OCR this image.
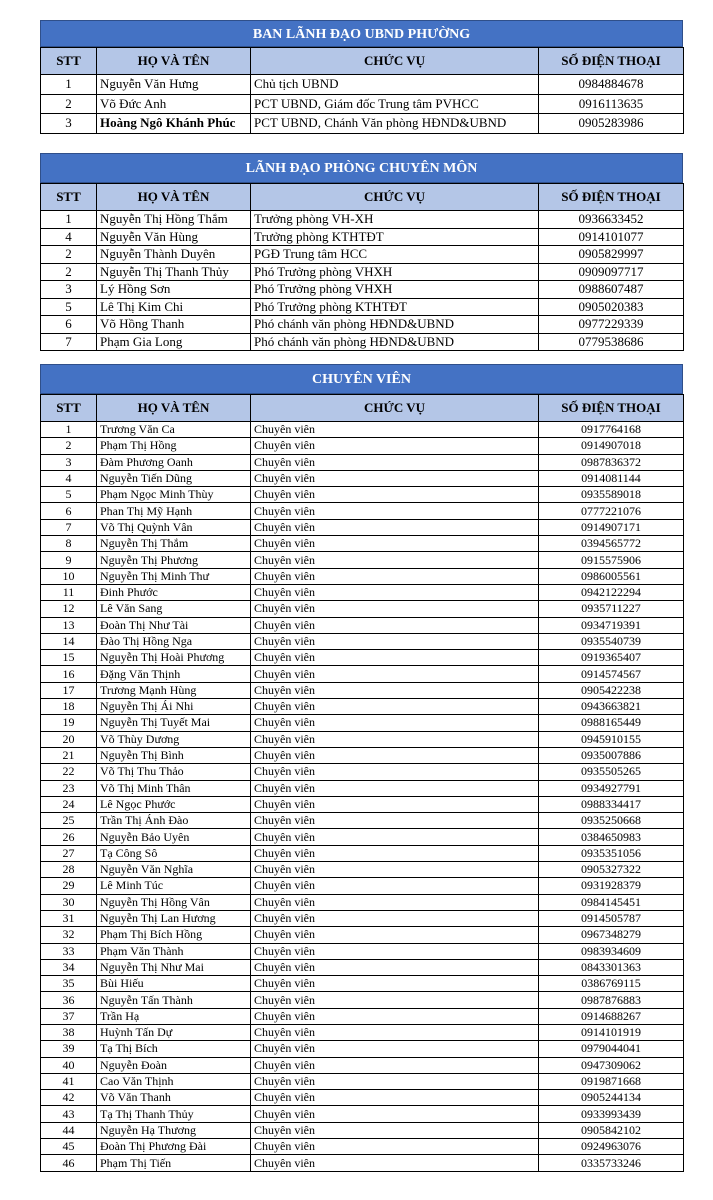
BAN LÃNH ĐẠO UBND PHƯỜNG
STT	HỌ VÀ TÊN	CHỨC VỤ	SỐ ĐIỆN THOẠI
1	Nguyễn Văn Hưng	Chủ tịch UBND	0984884678
2	Võ Đức Anh	PCT UBND, Giám đốc Trung tâm PVHCC	0916113635
3	Hoàng Ngô Khánh Phúc	PCT UBND, Chánh Văn phòng HĐND&UBND	0905283986
LÃNH ĐẠO PHÒNG CHUYÊN MÔN
STT	HỌ VÀ TÊN	CHỨC VỤ	SỐ ĐIỆN THOẠI
1	Nguyễn Thị Hồng Thắm	Trưởng phòng VH-XH	0936633452
4	Nguyễn Văn Hùng	Trưởng phòng KTHTĐT	0914101077
2	Nguyễn Thành Duyên	PGĐ Trung tâm HCC	0905829997
2	Nguyễn Thị Thanh Thủy	Phó Trưởng phòng VHXH	0909097717
3	Lý Hồng Sơn	Phó Trưởng phòng VHXH	0988607487
5	Lê Thị Kim Chi	Phó Trưởng phòng KTHTĐT	0905020383
6	Võ Hồng Thanh	Phó chánh văn phòng HĐND&UBND	0977229339
7	Phạm Gia Long	Phó chánh văn phòng HĐND&UBND	0779538686
CHUYÊN VIÊN
STT	HỌ VÀ TÊN	CHỨC VỤ	SỐ ĐIỆN THOẠI
1	Trương Văn Ca	Chuyên viên	0917764168
2	Phạm Thị Hồng	Chuyên viên	0914907018
3	Đàm Phương Oanh	Chuyên viên	0987836372
4	Nguyễn Tiến Dũng	Chuyên viên	0914081144
5	Phạm Ngọc Minh Thùy	Chuyên viên	0935589018
6	Phan Thị Mỹ Hạnh	Chuyên viên	0777221076
7	Võ Thị Quỳnh Vân	Chuyên viên	0914907171
8	Nguyễn Thị Thắm	Chuyên viên	0394565772
9	Nguyễn Thị Phương	Chuyên viên	0915575906
10	Nguyễn Thị Minh Thư	Chuyên viên	0986005561
11	Đinh Phước	Chuyên viên	0942122294
12	Lê Văn Sang	Chuyên viên	0935711227
13	Đoàn Thị Như Tài	Chuyên viên	0934719391
14	Đào Thị Hồng Nga	Chuyên viên	0935540739
15	Nguyễn Thị Hoài Phương	Chuyên viên	0919365407
16	Đặng Văn Thịnh	Chuyên viên	0914574567
17	Trương Mạnh Hùng	Chuyên viên	0905422238
18	Nguyễn Thị Ái Nhi	Chuyên viên	0943663821
19	Nguyễn Thị Tuyết Mai	Chuyên viên	0988165449
20	Võ Thùy Dương	Chuyên viên	0945910155
21	Nguyễn Thị Bình	Chuyên viên	0935007886
22	Võ Thị Thu Thảo	Chuyên viên	0935505265
23	Võ Thị Minh Thân	Chuyên viên	0934927791
24	Lê Ngọc Phước	Chuyên viên	0988334417
25	Trần Thị Ánh Đào	Chuyên viên	0935250668
26	Nguyễn Bảo Uyên	Chuyên viên	0384650983
27	Tạ Công Sô	Chuyên viên	0935351056
28	Nguyễn Văn Nghĩa	Chuyên viên	0905327322
29	Lê Minh Túc	Chuyên viên	0931928379
30	Nguyễn Thị Hồng Vân	Chuyên viên	0984145451
31	Nguyễn Thị Lan Hương	Chuyên viên	0914505787
32	Phạm Thị Bích Hồng	Chuyên viên	0967348279
33	Phạm Văn Thành	Chuyên viên	0983934609
34	Nguyễn Thị Như Mai	Chuyên viên	0843301363
35	Bùi Hiếu	Chuyên viên	0386769115
36	Nguyễn Tấn Thành	Chuyên viên	0987876883
37	Trần Hạ	Chuyên viên	0914688267
38	Huỳnh Tấn Dự	Chuyên viên	0914101919
39	Tạ Thị Bích	Chuyên viên	0979044041
40	Nguyễn Đoàn	Chuyên viên	0947309062
41	Cao Văn Thịnh	Chuyên viên	0919871668
42	Võ Văn Thanh	Chuyên viên	0905244134
43	Tạ Thị Thanh Thủy	Chuyên viên	0933993439
44	Nguyễn Hạ Thương	Chuyên viên	0905842102
45	Đoàn Thị Phương Đài	Chuyên viên	0924963076
46	Phạm Thị Tiến	Chuyên viên	0335733246
